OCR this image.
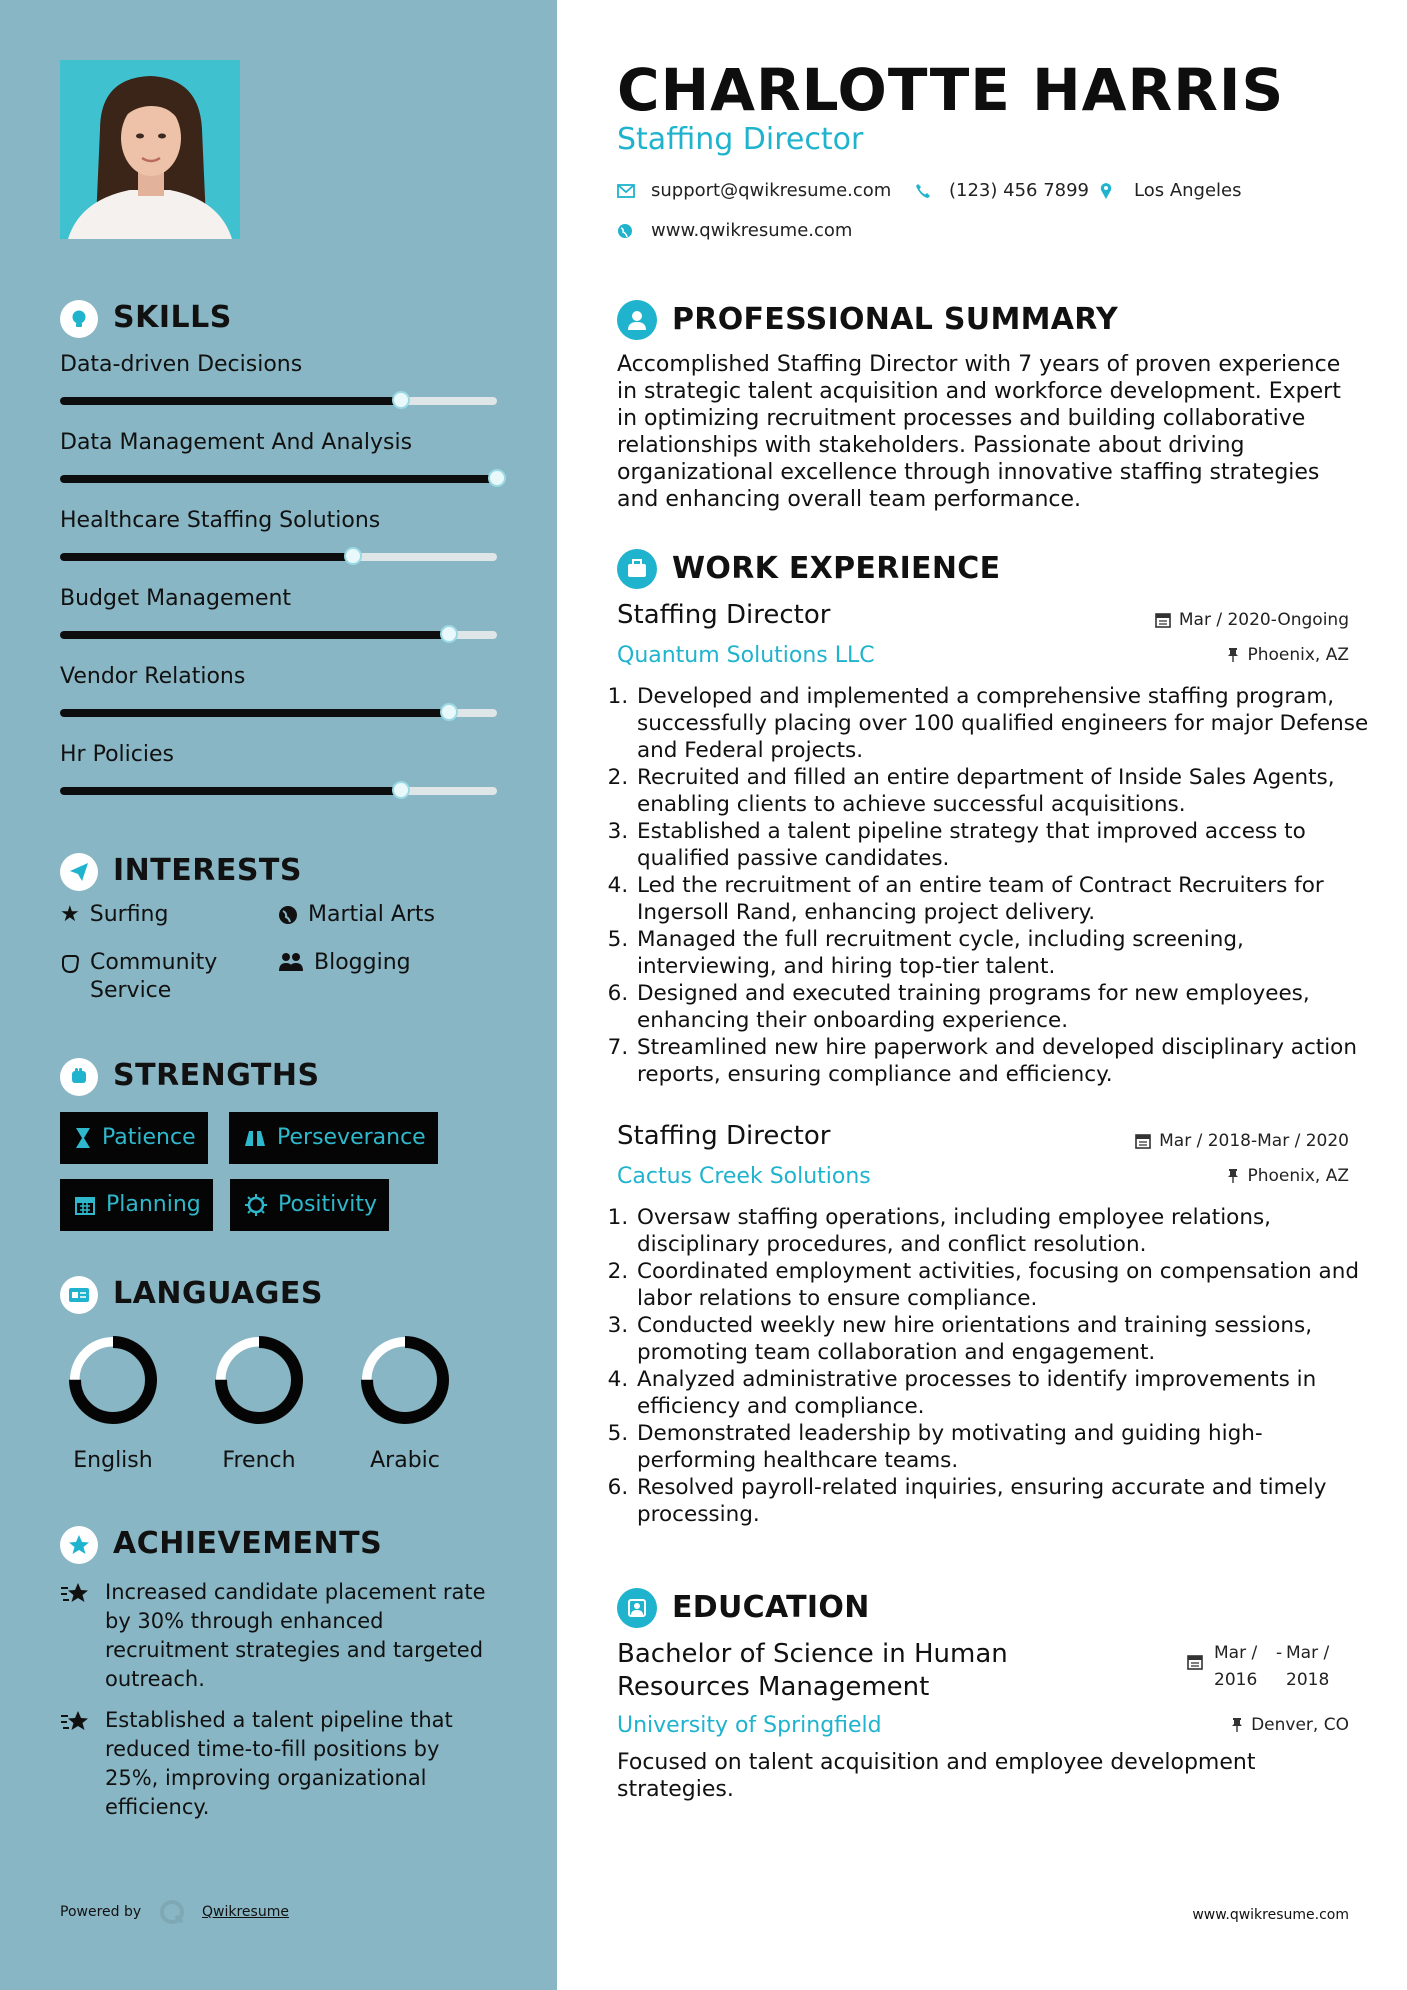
SKILLS
Data-driven Decisions
Data Management And Analysis
Healthcare Staffing Solutions
Budget Management
Vendor Relations
Hr Policies
INTERESTS
★ Surfing	Martial Arts
Community Service
Blogging
STRENGTHS
Patience	Perseverance
Planning	Positivity
LANGUAGES
English	French	Arabic
ACHIEVEMENTS
Increased candidate placement rate by 30% through enhanced recruitment strategies and targeted outreach.
Established a talent pipeline that reduced time-to-fill positions by 25%, improving organizational efficiency.
Powered by	Qwikresume
CHARLOTTE HARRIS
Staffing Director
support@qwikresume.com	(123) 456 7899 Los Angeles
www.qwikresume.com
PROFESSIONAL SUMMARY
Accomplished Staffing Director with 7 years of proven experience in strategic talent acquisition and workforce development. Expert in optimizing recruitment processes and building collaborative relationships with stakeholders. Passionate about driving organizational excellence through innovative staffing strategies and enhancing overall team performance.
WORK EXPERIENCE
Staffing Director	Mar / 2020-Ongoing
Quantum Solutions LLC	Phoenix, AZ
1. Developed and implemented a comprehensive staffing program, successfully placing over 100 qualified engineers for major Defense and Federal projects.
2. Recruited and filled an entire department of Inside Sales Agents, enabling clients to achieve successful acquisitions.
3. Established a talent pipeline strategy that improved access to qualified passive candidates.
4. Led the recruitment of an entire team of Contract Recruiters for Ingersoll Rand, enhancing project delivery.
5. Managed the full recruitment cycle, including screening, interviewing, and hiring top-tier talent.
6. Designed and executed training programs for new employees, enhancing their onboarding experience.
7. Streamlined new hire paperwork and developed disciplinary action reports, ensuring compliance and efficiency.
Staffing Director	Mar / 2018-Mar / 2020
Cactus Creek Solutions	Phoenix, AZ
1. Oversaw staffing operations, including employee relations, disciplinary procedures, and conflict resolution.
2. Coordinated employment activities, focusing on compensation and labor relations to ensure compliance.
3. Conducted weekly new hire orientations and training sessions, promoting team collaboration and engagement.
4. Analyzed administrative processes to identify improvements in efficiency and compliance.
5. Demonstrated leadership by motivating and guiding high-performing healthcare teams.
6. Resolved payroll-related inquiries, ensuring accurate and timely processing.
EDUCATION
Bachelor of Science in Human
Resources Management
Mar /
2016
- Mar /
2018
University of Springfield	Denver, CO
Focused on talent acquisition and employee development strategies.
www.qwikresume.com
